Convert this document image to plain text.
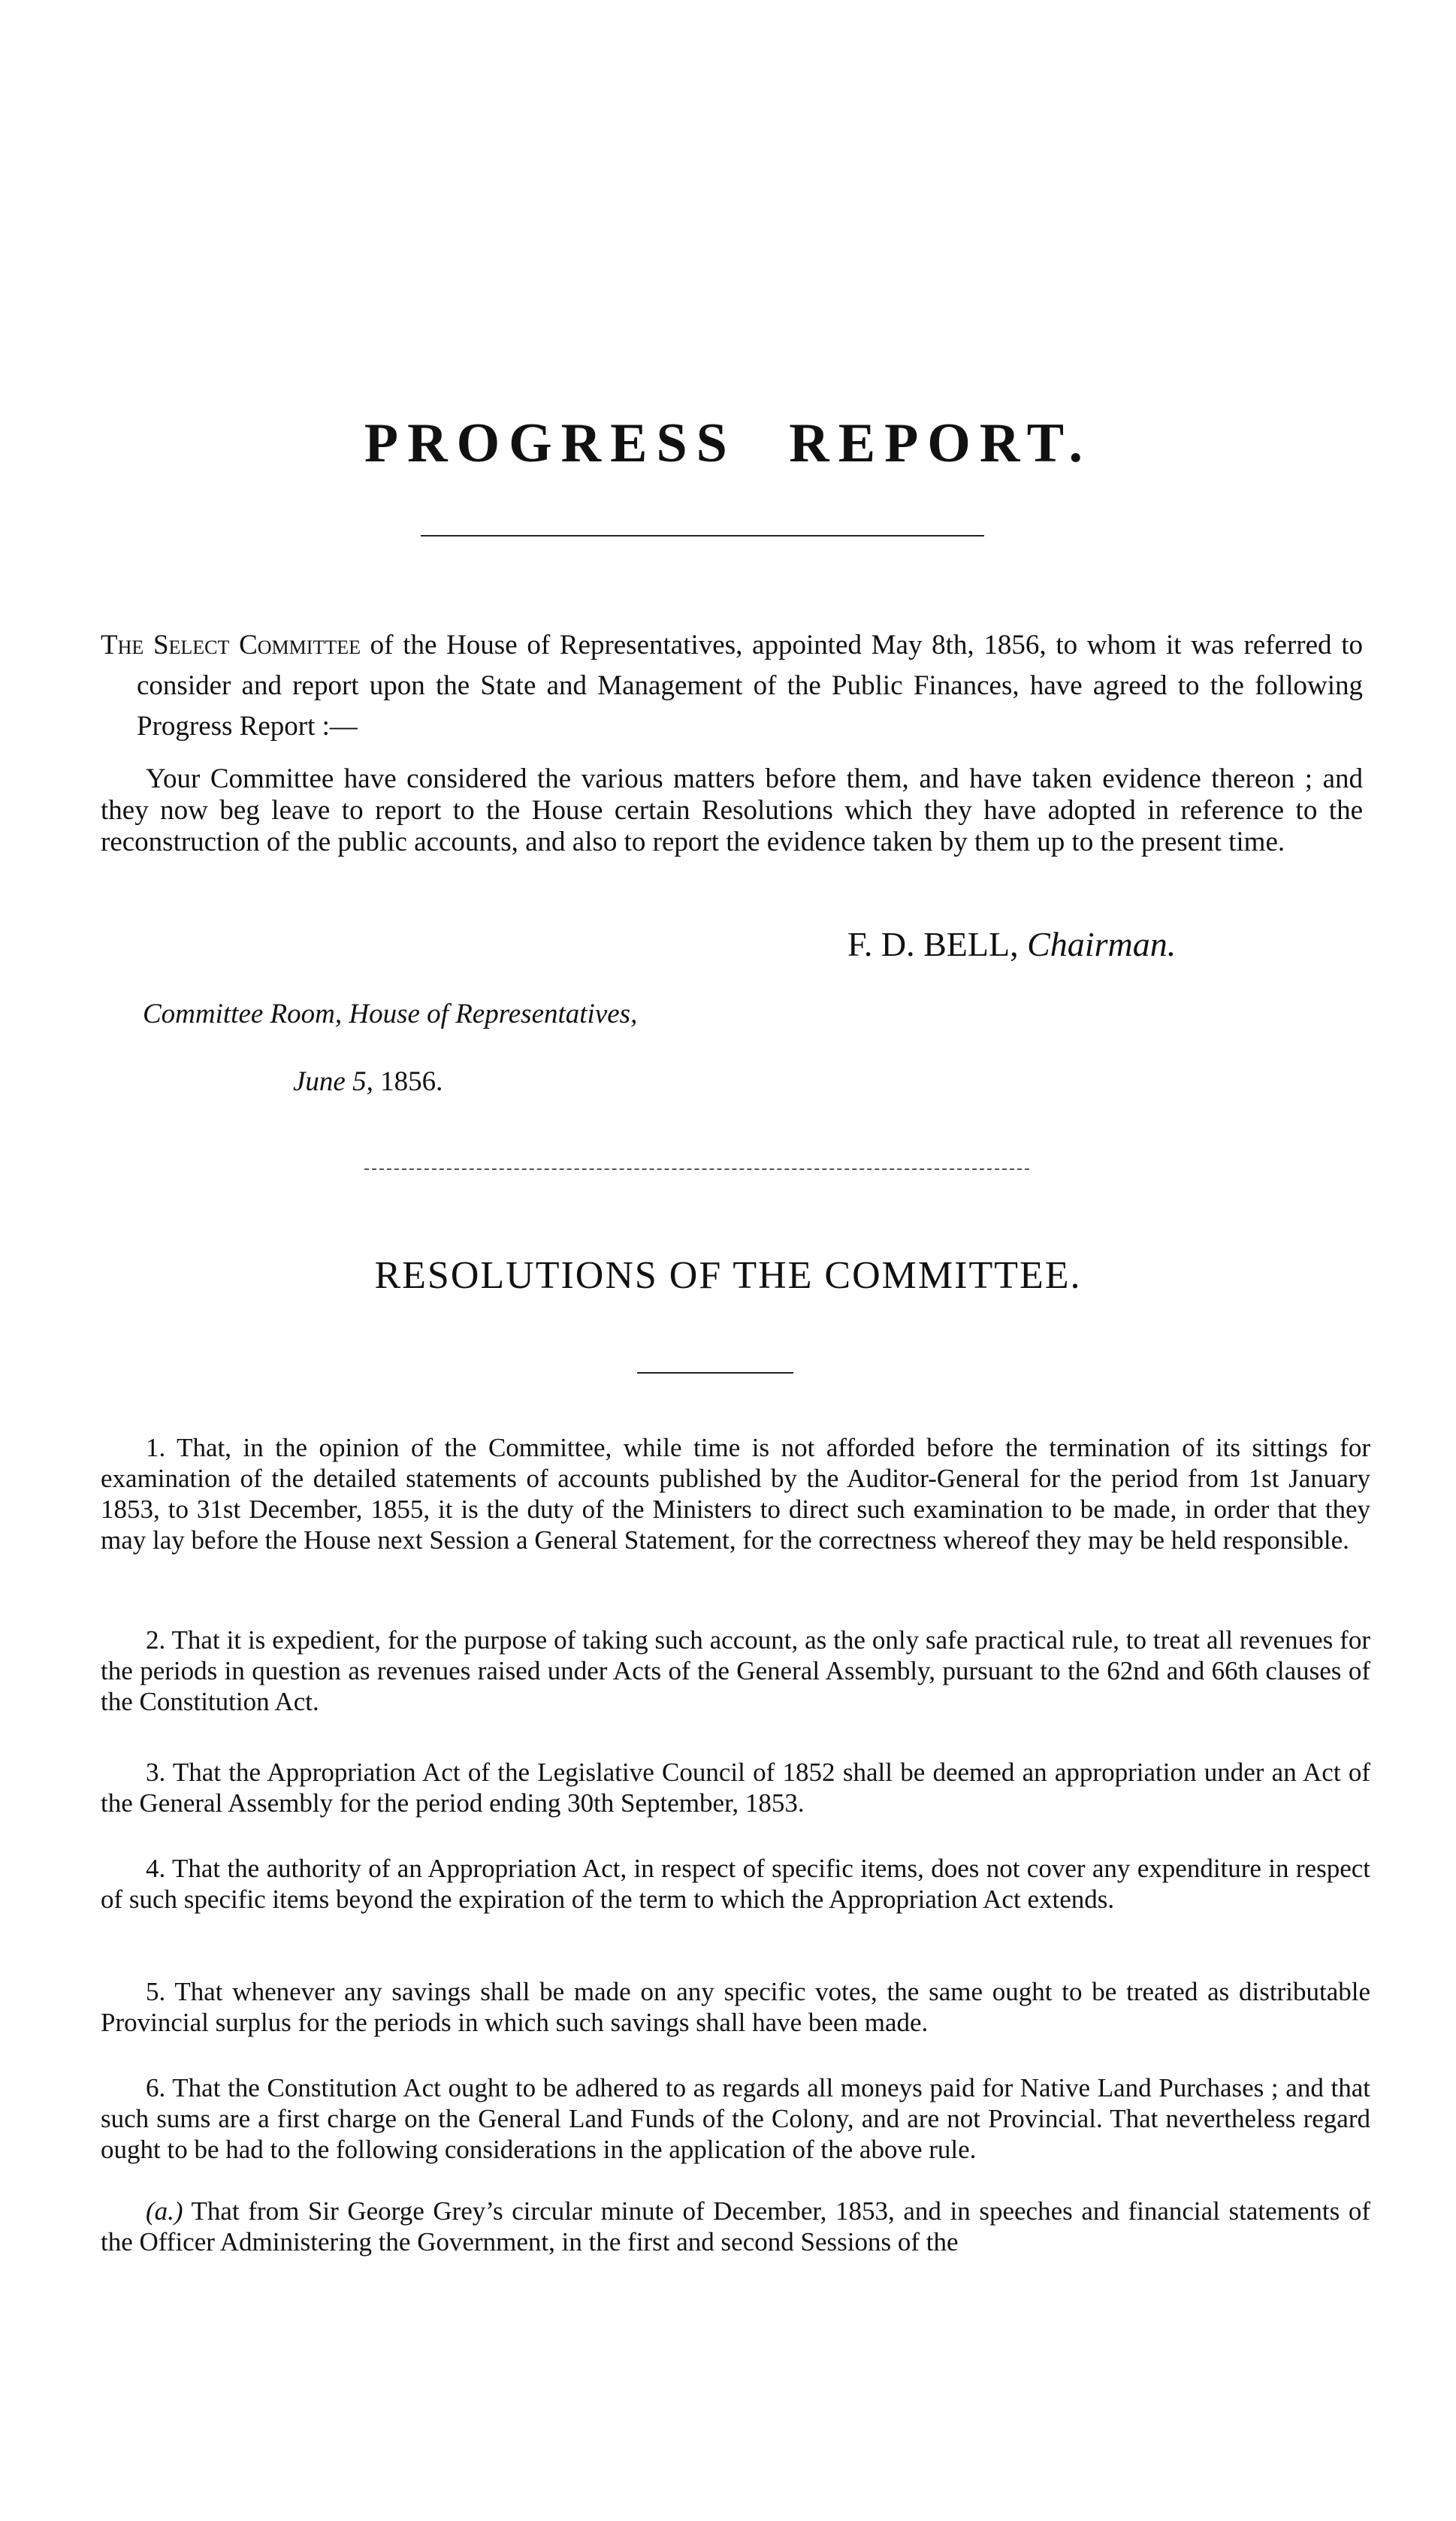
PROGRESS REPORT.

The Select Committee of the House of Representatives, appointed May 8th, 1856, to whom it was referred to consider and report upon the State and Management of the Public Finances, have agreed to the following Progress Report :—

Your Committee have considered the various matters before them, and have taken evidence thereon ; and they now beg leave to report to the House certain Resolutions which they have adopted in reference to the reconstruction of the public accounts, and also to report the evidence taken by them up to the present time.

F. D. BELL, Chairman.
Committee Room, House of Representatives,
June 5, 1856.
RESOLUTIONS OF THE COMMITTEE.

1. That, in the opinion of the Committee, while time is not afforded before the termination of its sittings for examination of the detailed statements of accounts published by the Auditor-General for the period from 1st January 1853, to 31st December, 1855, it is the duty of the Ministers to direct such examination to be made, in order that they may lay before the House next Session a General Statement, for the correctness whereof they may be held responsible.

2. That it is expedient, for the purpose of taking such account, as the only safe practical rule, to treat all revenues for the periods in question as revenues raised under Acts of the General Assembly, pursuant to the 62nd and 66th clauses of the Constitution Act.

3. That the Appropriation Act of the Legislative Council of 1852 shall be deemed an appropriation under an Act of the General Assembly for the period ending 30th September, 1853.

4. That the authority of an Appropriation Act, in respect of specific items, does not cover any expenditure in respect of such specific items beyond the expiration of the term to which the Appropriation Act extends.

5. That whenever any savings shall be made on any specific votes, the same ought to be treated as distributable Provincial surplus for the periods in which such savings shall have been made.

6. That the Constitution Act ought to be adhered to as regards all moneys paid for Native Land Purchases ; and that such sums are a first charge on the General Land Funds of the Colony, and are not Provincial. That nevertheless regard ought to be had to the following considerations in the application of the above rule.

(a.) That from Sir George Grey’s circular minute of December, 1853, and in speeches and financial statements of the Officer Administering the Government, in the first and second Sessions of the
